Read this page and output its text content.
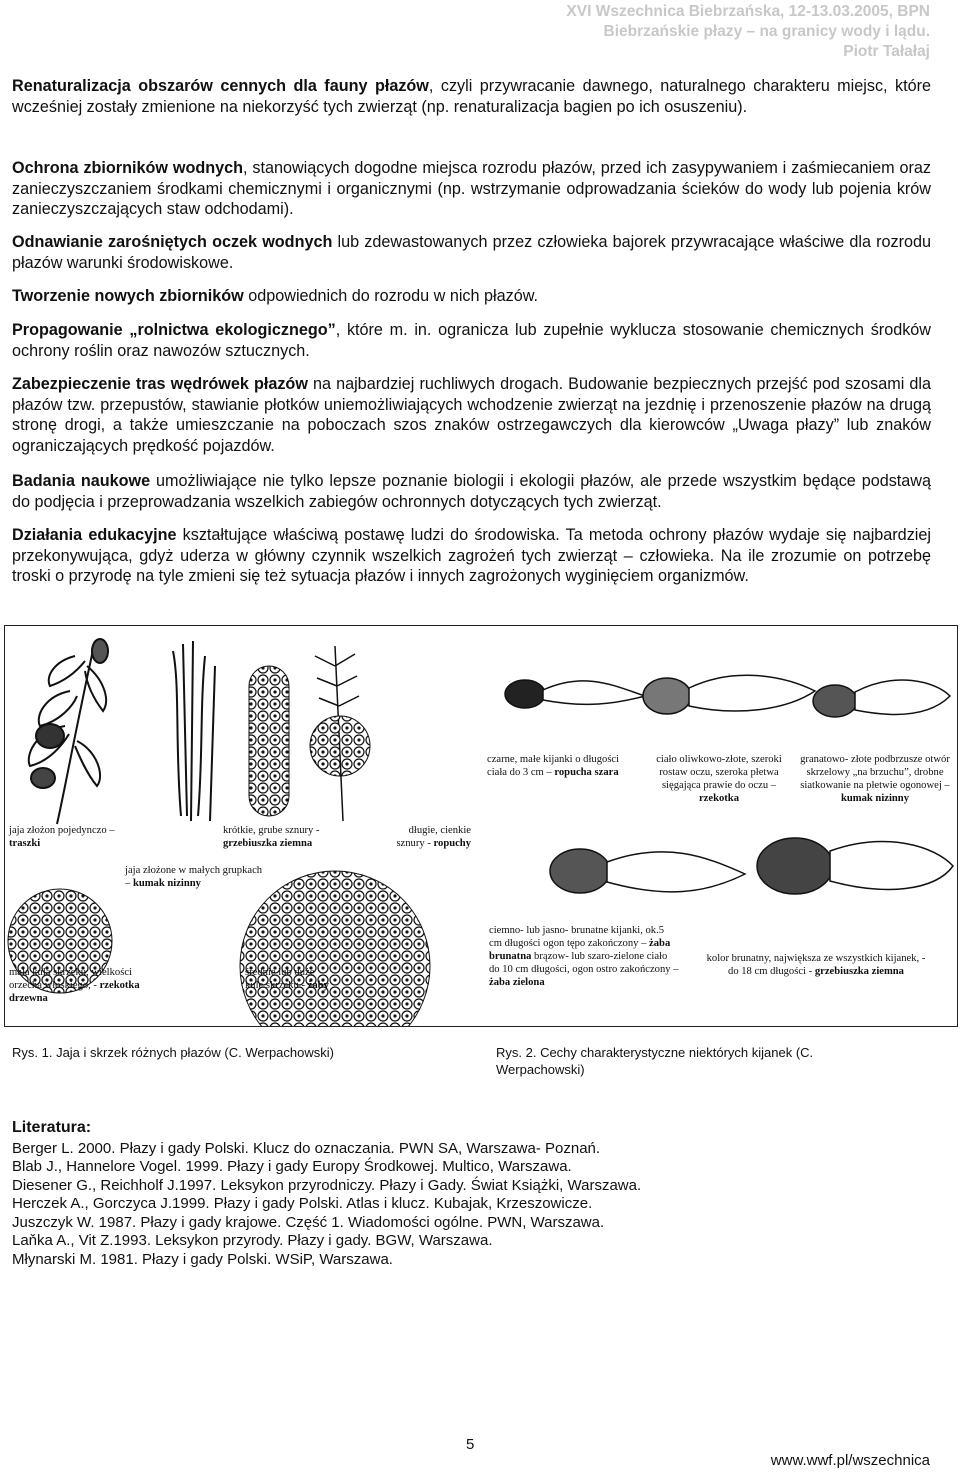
XVI Wszechnica Biebrzańska, 12-13.03.2005, BPN
Biebrzańskie płazy – na granicy wody i lądu.
Piotr Tałałaj
Renaturalizacja obszarów cennych dla fauny płazów, czyli przywracanie dawnego, naturalnego charakteru miejsc, które wcześniej zostały zmienione na niekorzyść tych zwierząt (np. renaturalizacja bagien po ich osuszeniu).
Ochrona zbiorników wodnych, stanowiących dogodne miejsca rozrodu płazów, przed ich zasypywaniem i zaśmiecaniem oraz zanieczyszczaniem środkami chemicznymi i organicznymi (np. wstrzymanie odprowadzania ścieków do wody lub pojenia krów zanieczyszczających staw odchodami).
Odnawianie zarośniętych oczek wodnych lub zdewastowanych przez człowieka bajorek przywracające właściwe dla rozrodu płazów warunki środowiskowe.
Tworzenie nowych zbiorników odpowiednich do rozrodu w nich płazów.
Propagowanie „rolnictwa ekologicznego”, które m. in. ogranicza lub zupełnie wyklucza stosowanie chemicznych środków ochrony roślin oraz nawozów sztucznych.
Zabezpieczenie tras wędrówek płazów na najbardziej ruchliwych drogach. Budowanie bezpiecznych przejść pod szosami dla płazów tzw. przepustów, stawianie płotków uniemożliwiających wchodzenie zwierząt na jezdnię i przenoszenie płazów na drugą stronę drogi, a także umieszczanie na poboczach szos znaków ostrzegawczych dla kierowców „Uwaga płazy” lub znaków ograniczających prędkość pojazdów.
Badania naukowe umożliwiające nie tylko lepsze poznanie biologii i ekologii płazów, ale przede wszystkim będące podstawą do podjęcia i przeprowadzania wszelkich zabiegów ochronnych dotyczących tych zwierząt.
Działania edukacyjne kształtujące właściwą postawę ludzi do środowiska. Ta metoda ochrony płazów wydaje się najbardziej przekonywująca, gdyż uderza w główny czynnik wszelkich zagrożeń tych zwierząt – człowieka. Na ile zrozumie on potrzebę troski o przyrodę na tyle zmieni się też sytuacja płazów i innych zagrożonych wyginięciem organizmów.
czarne, małe kijanki o długości ciała do 3 cm – ropucha szara
ciało oliwkowo-złote, szeroki rostaw oczu, szeroka płetwa sięgająca prawie do oczu – rzekotka
granatowo- złote podbrzusze otwór skrzelowy „na brzuchu”, drobne siatkowanie na płetwie ogonowej – kumak nizinny
ciemno- lub jasno- brunatne kijanki, ok.5 cm długości ogon tępo zakończony – żaba brunatna brązow- lub szaro-zielone ciało do 10 cm długości, ogon ostro zakończony – żaba zielona
kolor brunatny, największa ze wszystkich kijanek, - do 18 cm długości - grzebiuszka ziemna
jaja złożon pojedynczo – traszki
krótkie, grube sznury - grzebiuszka ziemna
długie, cienkie sznury - ropuchy
jaja złożone w małych grupkach – kumak nizinny
mała kula skrzeku, wielkości orzecha włoskiego, - rzekotka drzewna
średnie lub duże kule skrzeku - żaby
Rys. 1. Jaja i skrzek różnych płazów (C. Werpachowski)	Rys. 2. Cechy charakterystyczne niektórych kijanek (C. Werpachowski)
Literatura:
Berger L. 2000. Płazy i gady Polski. Klucz do oznaczania. PWN SA, Warszawa- Poznań.
Blab J., Hannelore Vogel. 1999. Płazy i gady Europy Środkowej. Multico, Warszawa.
Diesener G., Reichholf J.1997. Leksykon przyrodniczy. Płazy i Gady. Świat Książki, Warszawa.
Herczek A., Gorczyca J.1999. Płazy i gady Polski. Atlas i klucz. Kubajak, Krzeszowicze.
Juszczyk W. 1987. Płazy i gady krajowe. Część 1. Wiadomości ogólne. PWN, Warszawa.
Laňka A., Vit Z.1993. Leksykon przyrody. Płazy i gady. BGW, Warszawa.
Młynarski M. 1981. Płazy i gady Polski. WSiP, Warszawa.
5
www.wwf.pl/wszechnica
